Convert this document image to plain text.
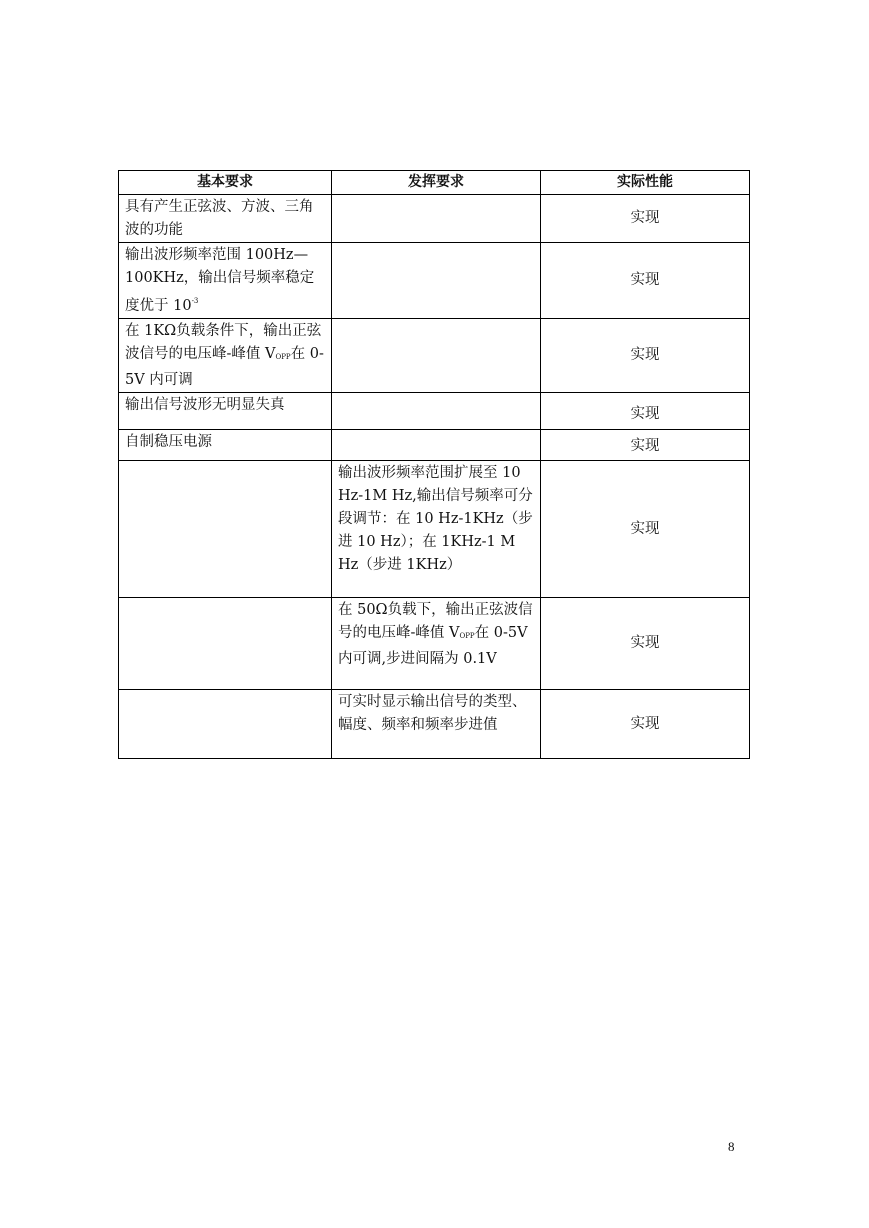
基本要求	发挥要求	实际性能
具有产生正弦波、方波、三角波的功能		实现
输出波形频率范围 100Hz—100KHz，输出信号频率稳定度优于 $10^{-3}$		实现
在 1KΩ负载条件下，输出正弦波信号的电压峰-峰值 VOPP在 0-5V 内可调		实现
输出信号波形无明显失真		实现
自制稳压电源		实现
	输出波形频率范围扩展至 10 Hz-1M Hz,输出信号频率可分段调节：在 10 Hz-1KHz（步进 10 Hz）；在 1KHz-1 M Hz（步进 1KHz）	实现
	在 50Ω负载下，输出正弦波信号的电压峰-峰值 VOPP在 0-5V 内可调,步进间隔为 0.1V	实现
	可实时显示输出信号的类型、幅度、频率和频率步进值	实现
8
